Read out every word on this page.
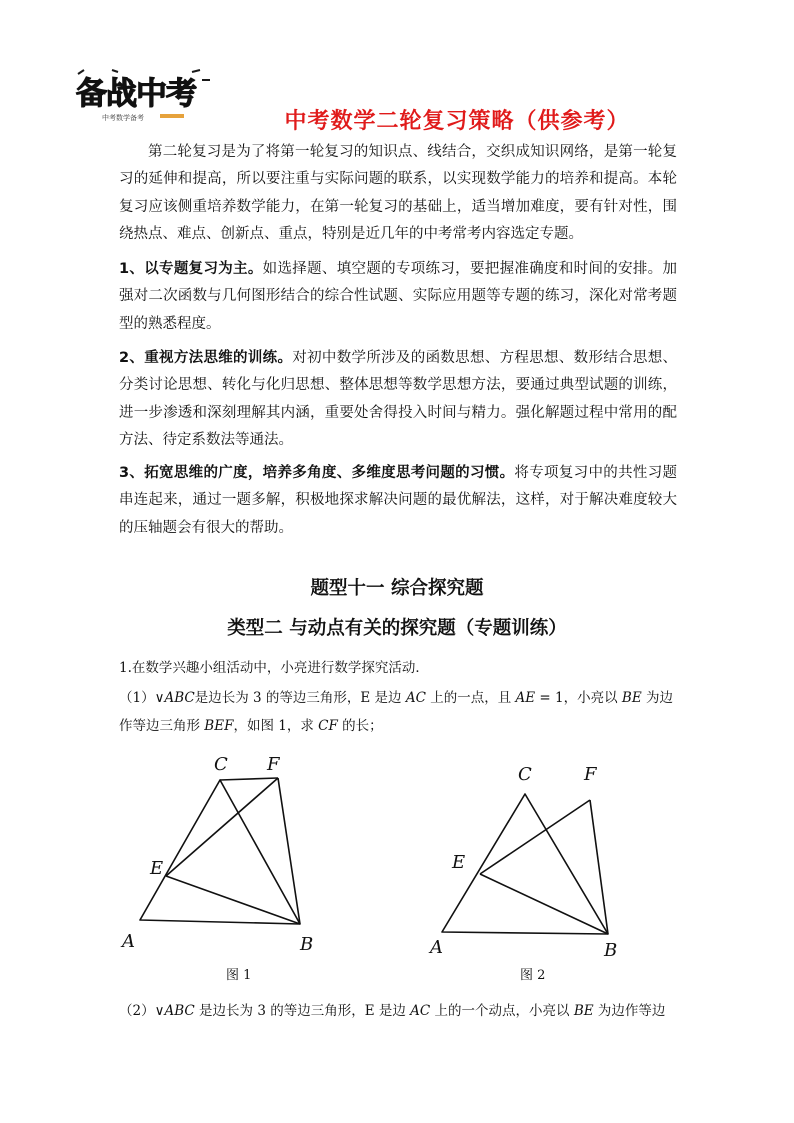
备战中考
中考数学备考	中考数学二轮复习策略（供参考）

第二轮复习是为了将第一轮复习的知识点、线结合，交织成知识网络，是第一轮复习的延伸和提高，所以要注重与实际问题的联系，以实现数学能力的培养和提高。本轮复习应该侧重培养数学能力，在第一轮复习的基础上，适当增加难度，要有针对性，围绕热点、难点、创新点、重点，特别是近几年的中考常考内容选定专题。

1、以专题复习为主。如选择题、填空题的专项练习，要把握准确度和时间的安排。加强对二次函数与几何图形结合的综合性试题、实际应用题等专题的练习，深化对常考题型的熟悉程度。

2、重视方法思维的训练。对初中数学所涉及的函数思想、方程思想、数形结合思想、分类讨论思想、转化与化归思想、整体思想等数学思想方法，要通过典型试题的训练，进一步渗透和深刻理解其内涵，重要处舍得投入时间与精力。强化解题过程中常用的配方法、待定系数法等通法。

3、拓宽思维的广度，培养多角度、多维度思考问题的习惯。将专项复习中的共性习题串连起来，通过一题多解，积极地探求解决问题的最优解法，这样，对于解决难度较大的压轴题会有很大的帮助。

题型十一 综合探究题
类型二 与动点有关的探究题（专题训练）

1.在数学兴趣小组活动中，小亮进行数学探究活动．

（1）∨ABC是边长为 3 的等边三角形，E 是边 AC 上的一点，且 AE = 1，小亮以 BE 为边作等边三角形 BEF，如图 1，求 CF 的长；

C F
E
A	B
C	F
E
A	B
图 1	图 2

（2）∨ABC 是边长为 3 的等边三角形，E 是边 AC 上的一个动点，小亮以 BE 为边作等边
